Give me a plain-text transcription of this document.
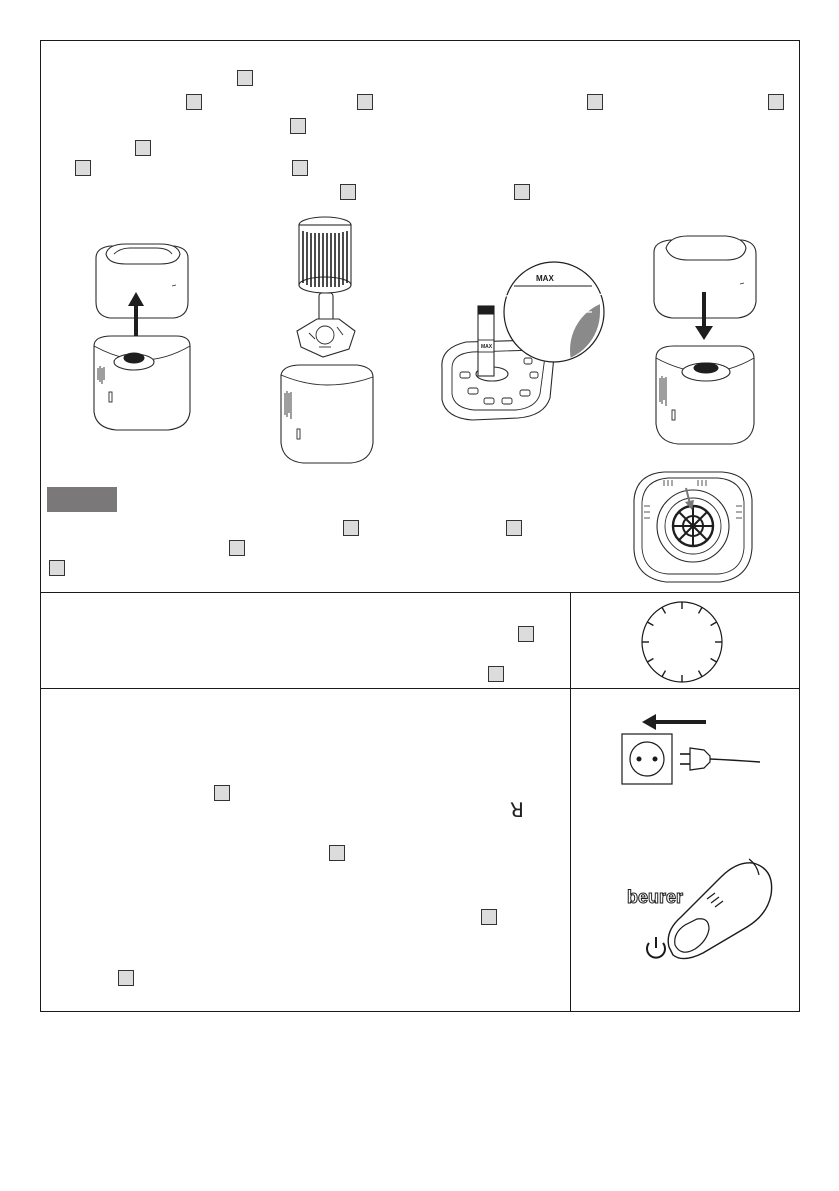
ꓤ
MAX
MAX
beurer
